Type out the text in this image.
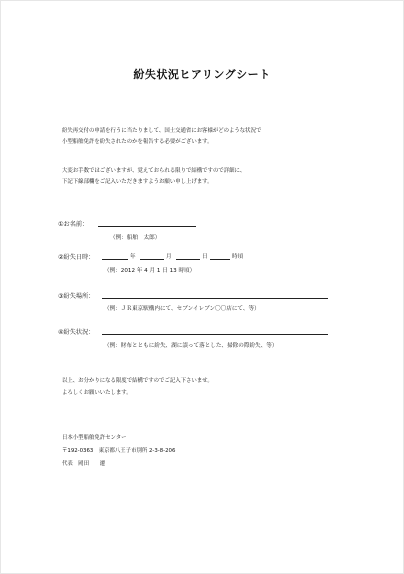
紛失状況ヒアリングシート
紛失再交付の申請を行うに当たりまして、国土交通省にお客様がどのような状況で
小型船舶免許を紛失されたのかを報告する必要がございます。
大変お手数ではございますが、覚えておられる限りで結構ですので詳細に、
下記下線部欄をご記入いただきますようお願い申し上げます。
①お名前：
（例：船舶　太郎）
②紛失日時：	年	月	日	時頃
（例：2012 年 4 月 1 日 13 時頃）
③紛失場所：
（例：ＪＲ東京駅構内にて、セブンイレブン〇〇店にて、等）
④紛失状況：
（例：財布とともに紛失、湖に誤って落とした、掃除の際紛失、等）
以上、お分かりになる限度で結構ですのでご記入下さいませ。
よろしくお願いいたします。
日本小型船舶免許センター
〒192-0363　東京都八王子市別所 2-3-8-206
代表　岡田　　遷
